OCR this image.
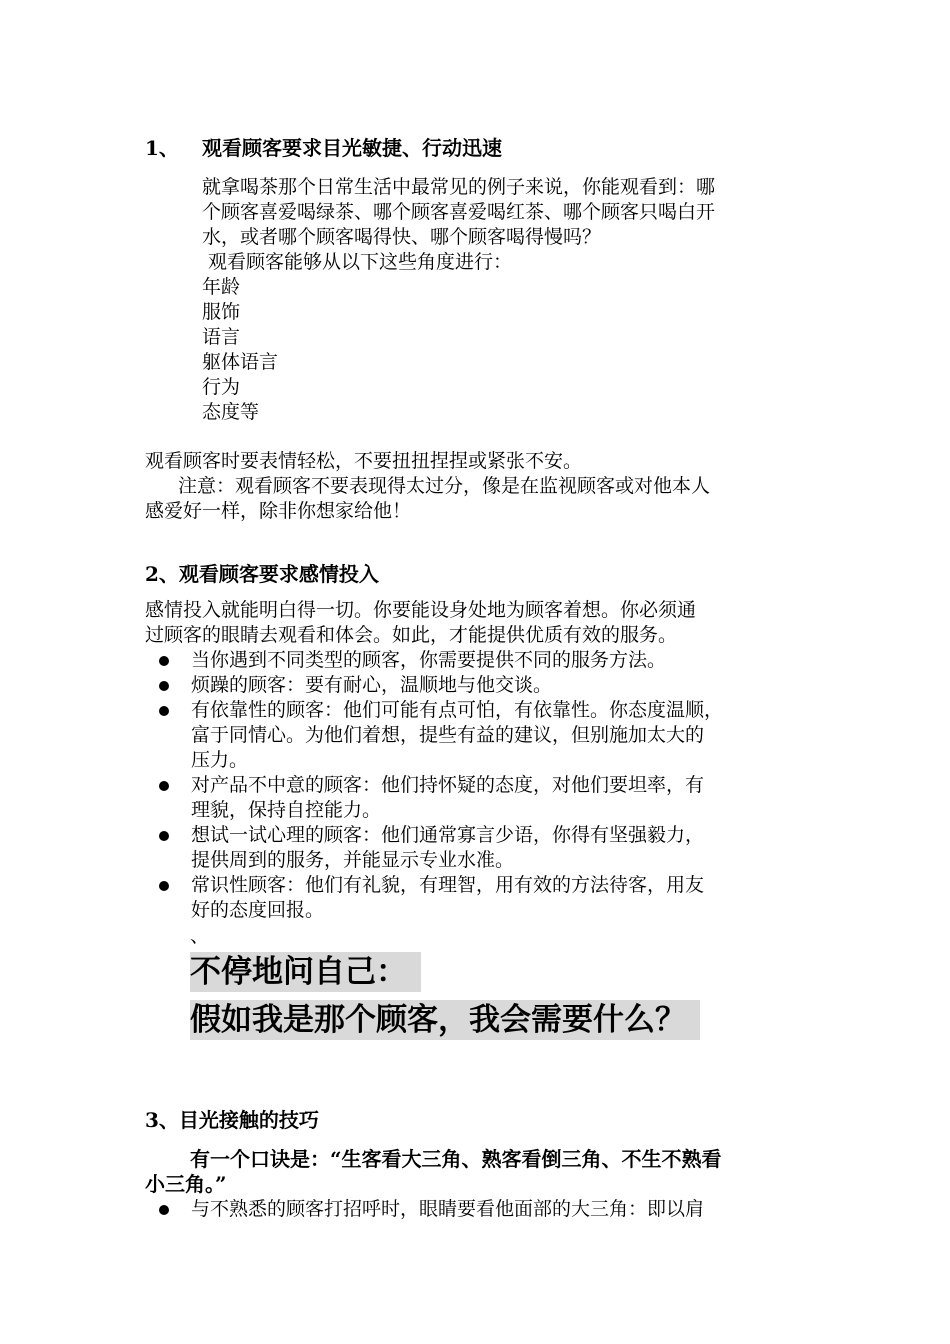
1、 观看顾客要求目光敏捷、行动迅速
就拿喝茶那个日常生活中最常见的例子来说，你能观看到：哪
个顾客喜爱喝绿茶、哪个顾客喜爱喝红茶、哪个顾客只喝白开
水，或者哪个顾客喝得快、哪个顾客喝得慢吗？
观看顾客能够从以下这些角度进行：
年龄
服饰
语言
躯体语言
行为
态度等
观看顾客时要表情轻松，不要扭扭捏捏或紧张不安。
注意：观看顾客不要表现得太过分，像是在监视顾客或对他本人
感爱好一样，除非你想家给他！
2、观看顾客要求感情投入
感情投入就能明白得一切。你要能设身处地为顾客着想。你必须通
过顾客的眼睛去观看和体会。如此，才能提供优质有效的服务。
当你遇到不同类型的顾客，你需要提供不同的服务方法。
烦躁的顾客：要有耐心，温顺地与他交谈。
有依靠性的顾客：他们可能有点可怕，有依靠性。你态度温顺，
富于同情心。为他们着想，提些有益的建议，但别施加太大的
压力。
对产品不中意的顾客：他们持怀疑的态度，对他们要坦率，有
理貌，保持自控能力。
想试一试心理的顾客：他们通常寡言少语，你得有坚强毅力，
提供周到的服务，并能显示专业水准。
常识性顾客：他们有礼貌，有理智，用有效的方法待客，用友
好的态度回报。
、
不停地问自己：
假如我是那个顾客，我会需要什么？
3、目光接触的技巧
有一个口诀是：“生客看大三角、熟客看倒三角、不生不熟看
小三角。”
与不熟悉的顾客打招呼时，眼睛要看他面部的大三角：即以肩
